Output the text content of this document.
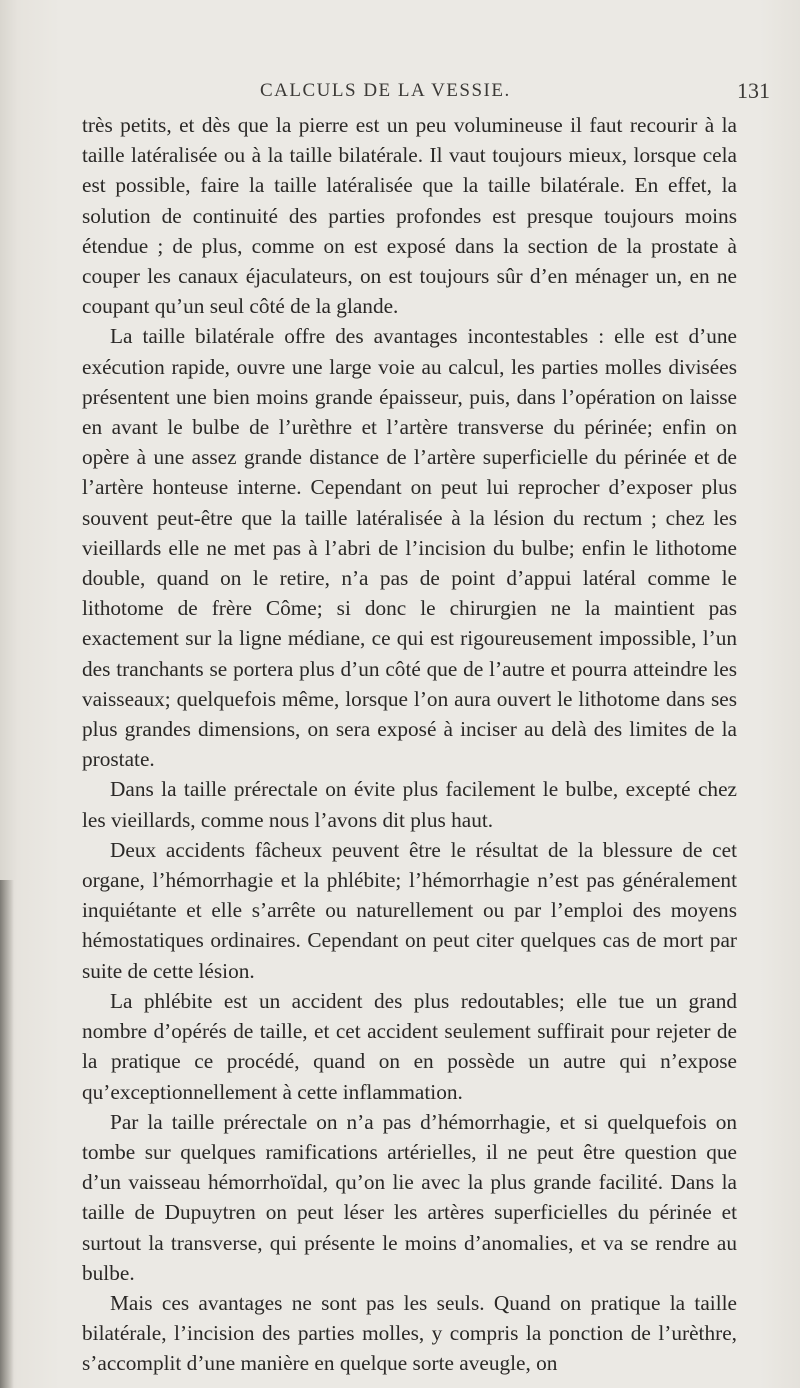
CALCULS DE LA VESSIE.	131

très petits, et dès que la pierre est un peu volumineuse il faut recourir à la taille latéralisée ou à la taille bilatérale. Il vaut toujours mieux, lorsque cela est possible, faire la taille latéralisée que la taille bilatérale. En effet, la solution de continuité des parties profondes est presque toujours moins étendue ; de plus, comme on est exposé dans la section de la prostate à couper les canaux éjaculateurs, on est toujours sûr d’en ménager un, en ne coupant qu’un seul côté de la glande.

La taille bilatérale offre des avantages incontestables : elle est d’une exécution rapide, ouvre une large voie au calcul, les parties molles divisées présentent une bien moins grande épaisseur, puis, dans l’opération on laisse en avant le bulbe de l’urèthre et l’artère transverse du périnée; enfin on opère à une assez grande distance de l’artère superficielle du périnée et de l’artère honteuse interne. Cependant on peut lui reprocher d’exposer plus souvent peut-être que la taille latéralisée à la lésion du rectum ; chez les vieillards elle ne met pas à l’abri de l’incision du bulbe; enfin le lithotome double, quand on le retire, n’a pas de point d’appui latéral comme le lithotome de frère Côme; si donc le chirurgien ne la maintient pas exactement sur la ligne médiane, ce qui est rigoureusement impossible, l’un des tranchants se portera plus d’un côté que de l’autre et pourra atteindre les vaisseaux; quelquefois même, lorsque l’on aura ouvert le lithotome dans ses plus grandes dimensions, on sera exposé à inciser au delà des limites de la prostate.

Dans la taille prérectale on évite plus facilement le bulbe, excepté chez les vieillards, comme nous l’avons dit plus haut.

Deux accidents fâcheux peuvent être le résultat de la blessure de cet organe, l’hémorrhagie et la phlébite; l’hémorrhagie n’est pas généralement inquiétante et elle s’arrête ou naturellement ou par l’emploi des moyens hémostatiques ordinaires. Cependant on peut citer quelques cas de mort par suite de cette lésion.

La phlébite est un accident des plus redoutables; elle tue un grand nombre d’opérés de taille, et cet accident seulement suffirait pour rejeter de la pratique ce procédé, quand on en possède un autre qui n’expose qu’exceptionnellement à cette inflammation.

Par la taille prérectale on n’a pas d’hémorrhagie, et si quelquefois on tombe sur quelques ramifications artérielles, il ne peut être question que d’un vaisseau hémorrhoïdal, qu’on lie avec la plus grande facilité. Dans la taille de Dupuytren on peut léser les artères superficielles du périnée et surtout la transverse, qui présente le moins d’anomalies, et va se rendre au bulbe.

Mais ces avantages ne sont pas les seuls. Quand on pratique la taille bilatérale, l’incision des parties molles, y compris la ponction de l’urèthre, s’accomplit d’une manière en quelque sorte aveugle, on
